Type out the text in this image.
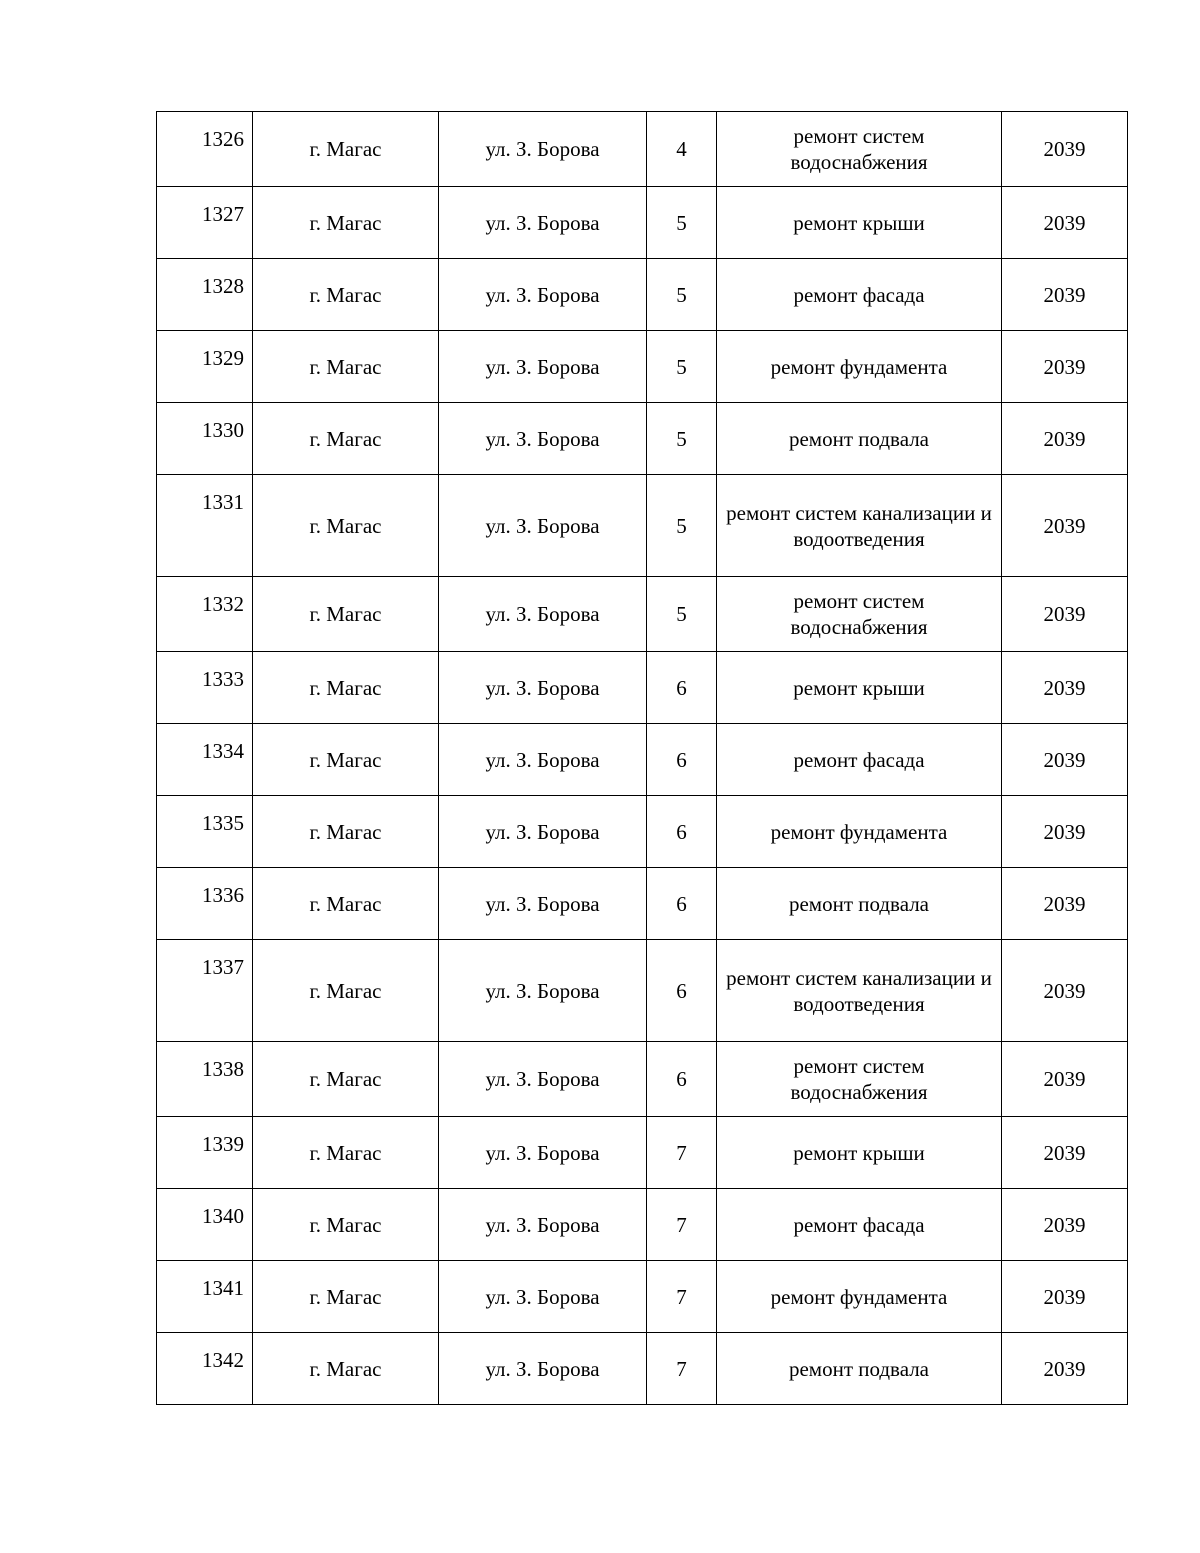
1326	г. Магас	ул. З. Борова	4	ремонт систем водоснабжения	2039
1327	г. Магас	ул. З. Борова	5	ремонт крыши	2039
1328	г. Магас	ул. З. Борова	5	ремонт фасада	2039
1329	г. Магас	ул. З. Борова	5	ремонт фундамента	2039
1330	г. Магас	ул. З. Борова	5	ремонт подвала	2039
1331	г. Магас	ул. З. Борова	5	ремонт систем канализации и водоотведения	2039
1332	г. Магас	ул. З. Борова	5	ремонт систем водоснабжения	2039
1333	г. Магас	ул. З. Борова	6	ремонт крыши	2039
1334	г. Магас	ул. З. Борова	6	ремонт фасада	2039
1335	г. Магас	ул. З. Борова	6	ремонт фундамента	2039
1336	г. Магас	ул. З. Борова	6	ремонт подвала	2039
1337	г. Магас	ул. З. Борова	6	ремонт систем канализации и водоотведения	2039
1338	г. Магас	ул. З. Борова	6	ремонт систем водоснабжения	2039
1339	г. Магас	ул. З. Борова	7	ремонт крыши	2039
1340	г. Магас	ул. З. Борова	7	ремонт фасада	2039
1341	г. Магас	ул. З. Борова	7	ремонт фундамента	2039
1342	г. Магас	ул. З. Борова	7	ремонт подвала	2039
